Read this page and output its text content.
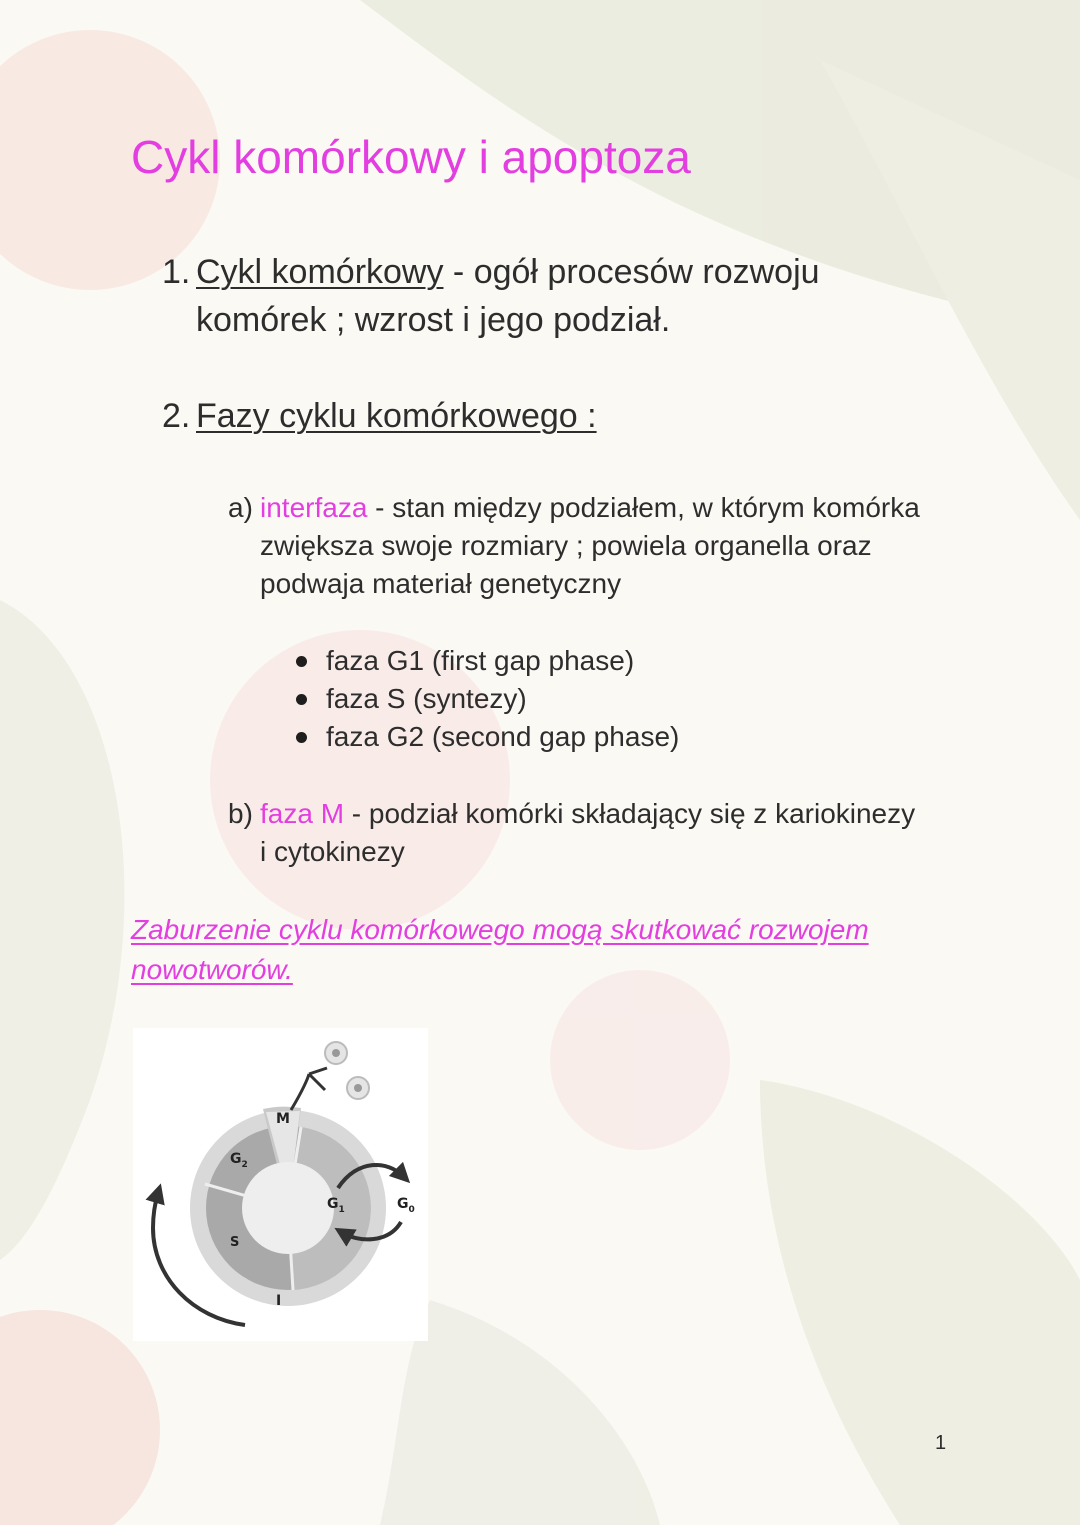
Cykl komórkowy i apoptoza
1. Cykl komórkowy - ogół procesów rozwoju
komórek ; wzrost i jego podział.
2. Fazy cyklu komórkowego :
a) interfaza - stan między podziałem, w którym komórka
zwiększa swoje rozmiary ; powiela organella oraz
podwaja materiał genetyczny
faza G1 (first gap phase)
faza S (syntezy)
faza G2 (second gap phase)
b) faza M - podział komórki składający się z kariokinezy
i cytokinezy
Zaburzenie cyklu komórkowego mogą skutkować rozwojem
nowotworów.
M
$G_2$
S
$G_1$	$G_0$
I
1
